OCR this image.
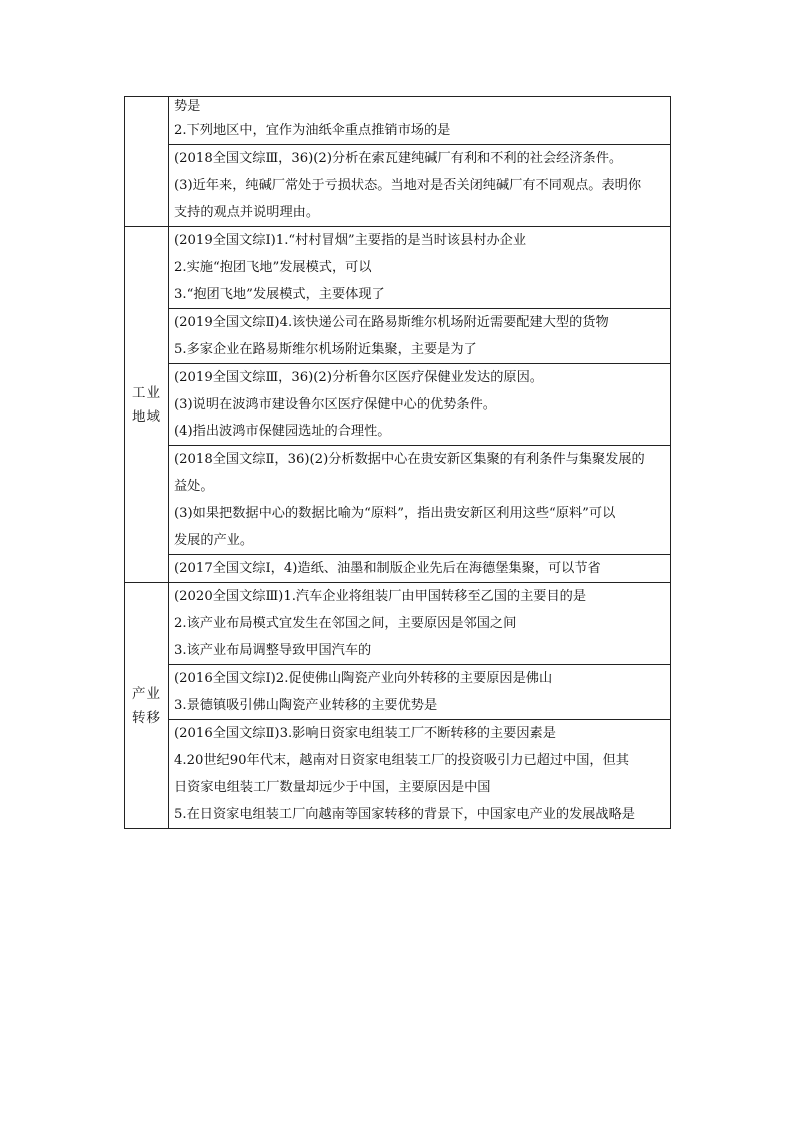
	势是
2.下列地区中，宜作为油纸伞重点推销市场的是

	(2018全国文综Ⅲ，36)(2)分析在索瓦建纯碱厂有利和不利的社会经济条件。
(3)近年来，纯碱厂常处于亏损状态。当地对是否关闭纯碱厂有不同观点。表明你
支持的观点并说明理由。

工业
地域	(2019全国文综Ⅰ)1.“村村冒烟”主要指的是当时该县村办企业
2.实施“抱团飞地”发展模式，可以
3.“抱团飞地”发展模式，主要体现了

	(2019全国文综Ⅱ)4.该快递公司在路易斯维尔机场附近需要配建大型的货物
5.多家企业在路易斯维尔机场附近集聚，主要是为了

	(2019全国文综Ⅲ，36)(2)分析鲁尔区医疗保健业发达的原因。
(3)说明在波鸿市建设鲁尔区医疗保健中心的优势条件。
(4)指出波鸿市保健园选址的合理性。

	(2018全国文综Ⅱ，36)(2)分析数据中心在贵安新区集聚的有利条件与集聚发展的
益处。
(3)如果把数据中心的数据比喻为“原料”，指出贵安新区利用这些“原料”可以
发展的产业。

	(2017全国文综Ⅰ，4)造纸、油墨和制版企业先后在海德堡集聚，可以节省

产业
转移	(2020全国文综Ⅲ)1.汽车企业将组装厂由甲国转移至乙国的主要目的是
2.该产业布局模式宜发生在邻国之间，主要原因是邻国之间
3.该产业布局调整导致甲国汽车的

	(2016全国文综Ⅰ)2.促使佛山陶瓷产业向外转移的主要原因是佛山
3.景德镇吸引佛山陶瓷产业转移的主要优势是

	(2016全国文综Ⅱ)3.影响日资家电组装工厂不断转移的主要因素是
4.20世纪90年代末，越南对日资家电组装工厂的投资吸引力已超过中国，但其
日资家电组装工厂数量却远少于中国，主要原因是中国
5.在日资家电组装工厂向越南等国家转移的背景下，中国家电产业的发展战略是
